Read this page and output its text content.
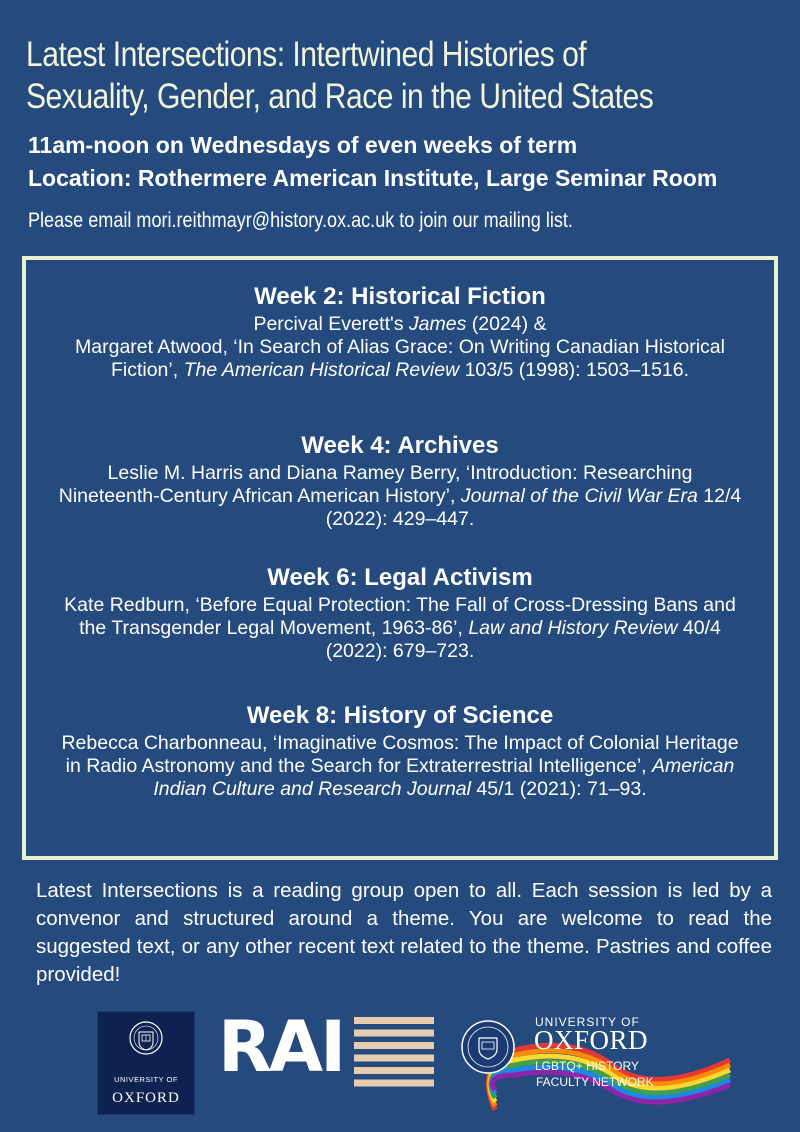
Latest Intersections: Intertwined Histories of
Sexuality, Gender, and Race in the United States
11am-noon on Wednesdays of even weeks of term
Location: Rothermere American Institute, Large Seminar Room
Please email mori.reithmayr@history.ox.ac.uk to join our mailing list.
Week 2: Historical Fiction
Percival Everett's James (2024) &
Margaret Atwood, ‘In Search of Alias Grace: On Writing Canadian Historical Fiction’, The American Historical Review 103/5 (1998): 1503–1516.
Week 4: Archives
Leslie M. Harris and Diana Ramey Berry, ‘Introduction: Researching Nineteenth-Century African American History’, Journal of the Civil War Era 12/4 (2022): 429–447.
Week 6: Legal Activism
Kate Redburn, ‘Before Equal Protection: The Fall of Cross-Dressing Bans and the Transgender Legal Movement, 1963-86’, Law and History Review 40/4 (2022): 679–723.
Week 8: History of Science
Rebecca Charbonneau, ‘Imaginative Cosmos: The Impact of Colonial Heritage in Radio Astronomy and the Search for Extraterrestrial Intelligence’, American Indian Culture and Research Journal 45/1 (2021): 71–93.
Latest Intersections is a reading group open to all. Each session is led by a convenor and structured around a theme. You are welcome to read the suggested text, or any other recent text related to the theme. Pastries and coffee provided!
UNIVERSITY OF
OXFORD
RAI	UNIVERSITY OF
OXFORD
LGBTQ+ HISTORY
FACULTY NETWORK
